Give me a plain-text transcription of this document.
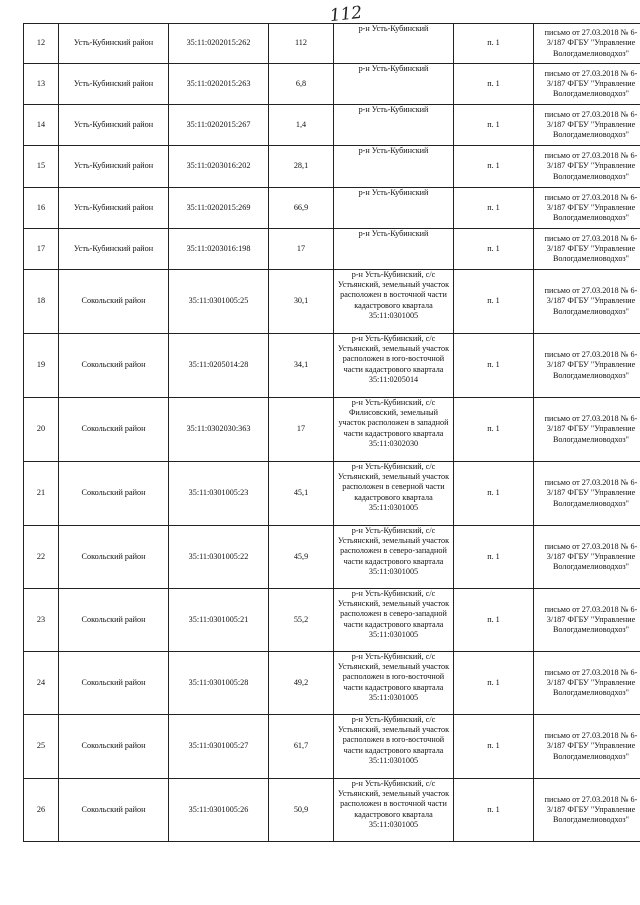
112
12	Усть-Кубинский район	35:11:0202015:262	112	р-н Усть-Кубинский	п. 1	письмо от 27.03.2018 № 6-3/187 ФГБУ "Управление Вологдамелиоводхоз"
13	Усть-Кубинский район	35:11:0202015:263	6,8	р-н Усть-Кубинский	п. 1	письмо от 27.03.2018 № 6-3/187 ФГБУ "Управление Вологдамелиоводхоз"
14	Усть-Кубинский район	35:11:0202015:267	1,4	р-н Усть-Кубинский	п. 1	письмо от 27.03.2018 № 6-3/187 ФГБУ "Управление Вологдамелиоводхоз"
15	Усть-Кубинский район	35:11:0203016:202	28,1	р-н Усть-Кубинский	п. 1	письмо от 27.03.2018 № 6-3/187 ФГБУ "Управление Вологдамелиоводхоз"
16	Усть-Кубинский район	35:11:0202015:269	66,9	р-н Усть-Кубинский	п. 1	письмо от 27.03.2018 № 6-3/187 ФГБУ "Управление Вологдамелиоводхоз"
17	Усть-Кубинский район	35:11:0203016:198	17	р-н Усть-Кубинский	п. 1	письмо от 27.03.2018 № 6-3/187 ФГБУ "Управление Вологдамелиоводхоз"
18	Сокольский район	35:11:0301005:25	30,1	р-н Усть-Кубинский, с/с Устьянский, земельный участок расположен в восточной части кадастрового квартала 35:11:0301005	п. 1	письмо от 27.03.2018 № 6-3/187 ФГБУ "Управление Вологдамелиоводхоз"
19	Сокольский район	35:11:0205014:28	34,1	р-н Усть-Кубинский, с/с Устьянский, земельный участок расположен в юго-восточной части кадастрового квартала 35:11:0205014	п. 1	письмо от 27.03.2018 № 6-3/187 ФГБУ "Управление Вологдамелиоводхоз"
20	Сокольский район	35:11:0302030:363	17	р-н Усть-Кубинский, с/с Филисовский, земельный участок расположен в западной части кадастрового квартала 35:11:0302030	п. 1	письмо от 27.03.2018 № 6-3/187 ФГБУ "Управление Вологдамелиоводхоз"
21	Сокольский район	35:11:0301005:23	45,1	р-н Усть-Кубинский, с/с Устьянский, земельный участок расположен в северной части кадастрового квартала 35:11:0301005	п. 1	письмо от 27.03.2018 № 6-3/187 ФГБУ "Управление Вологдамелиоводхоз"
22	Сокольский район	35:11:0301005:22	45,9	р-н Усть-Кубинский, с/с Устьянский, земельный участок расположен в северо-западной части кадастрового квартала 35:11:0301005	п. 1	письмо от 27.03.2018 № 6-3/187 ФГБУ "Управление Вологдамелиоводхоз"
23	Сокольский район	35:11:0301005:21	55,2	р-н Усть-Кубинский, с/с Устьянский, земельный участок расположен в северо-западной части кадастрового квартала 35:11:0301005	п. 1	письмо от 27.03.2018 № 6-3/187 ФГБУ "Управление Вологдамелиоводхоз"
24	Сокольский район	35:11:0301005:28	49,2	р-н Усть-Кубинский, с/с Устьянский, земельный участок расположен в юго-восточной части кадастрового квартала 35:11:0301005	п. 1	письмо от 27.03.2018 № 6-3/187 ФГБУ "Управление Вологдамелиоводхоз"
25	Сокольский район	35:11:0301005:27	61,7	р-н Усть-Кубинский, с/с Устьянский, земельный участок расположен в юго-восточной части кадастрового квартала 35:11:0301005	п. 1	письмо от 27.03.2018 № 6-3/187 ФГБУ "Управление Вологдамелиоводхоз"
26	Сокольский район	35:11:0301005:26	50,9	р-н Усть-Кубинский, с/с Устьянский, земельный участок расположен в восточной части кадастрового квартала 35:11:0301005	п. 1	письмо от 27.03.2018 № 6-3/187 ФГБУ "Управление Вологдамелиоводхоз"
